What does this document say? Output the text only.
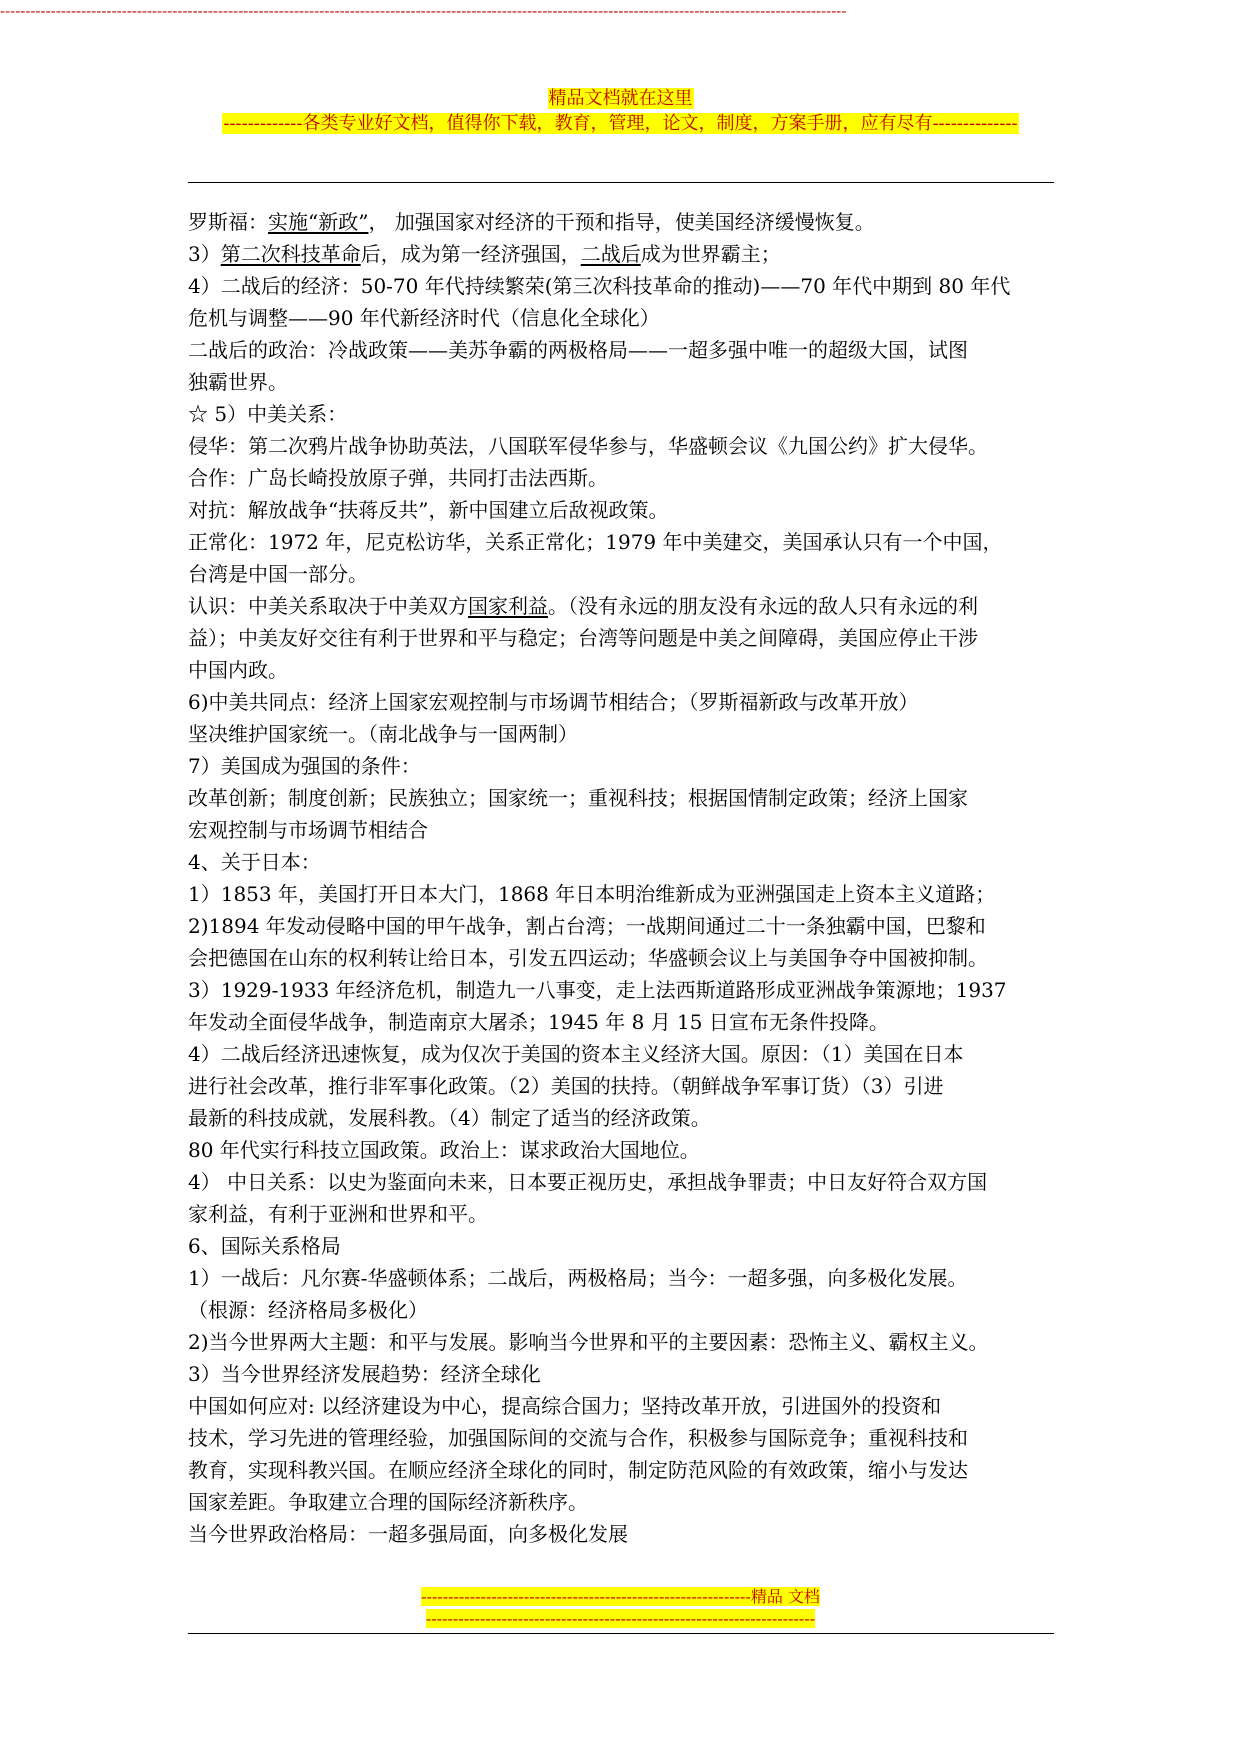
精品文档就在这里
-------------各类专业好文档，值得你下载，教育，管理，论文，制度，方案手册，应有尽有--------------
-----------------------------------------------------------------------------------------------------------------------------------------------------------------------
罗斯福：实施“新政”， 加强国家对经济的干预和指导，使美国经济缓慢恢复。
3）第二次科技革命后，成为第一经济强国，二战后成为世界霸主；
4）二战后的经济：50-70 年代持续繁荣(第三次科技革命的推动)——70 年代中期到 80 年代
危机与调整——90 年代新经济时代（信息化全球化）
二战后的政治：冷战政策——美苏争霸的两极格局——一超多强中唯一的超级大国，试图
独霸世界。
☆ 5）中美关系：
侵华：第二次鸦片战争协助英法，八国联军侵华参与，华盛顿会议《九国公约》扩大侵华。
合作：广岛长崎投放原子弹，共同打击法西斯。
对抗：解放战争“扶蒋反共”，新中国建立后敌视政策。
正常化：1972 年，尼克松访华，关系正常化；1979 年中美建交，美国承认只有一个中国，
台湾是中国一部分。
认识：中美关系取决于中美双方国家利益。（没有永远的朋友没有永远的敌人只有永远的利
益）；中美友好交往有利于世界和平与稳定；台湾等问题是中美之间障碍，美国应停止干涉
中国内政。
6)中美共同点：经济上国家宏观控制与市场调节相结合；（罗斯福新政与改革开放）
坚决维护国家统一。（南北战争与一国两制）
7）美国成为强国的条件：
改革创新；制度创新；民族独立；国家统一；重视科技；根据国情制定政策；经济上国家
宏观控制与市场调节相结合
4、关于日本：
1）1853 年，美国打开日本大门，1868 年日本明治维新成为亚洲强国走上资本主义道路；
2)1894 年发动侵略中国的甲午战争，割占台湾；一战期间通过二十一条独霸中国，巴黎和
会把德国在山东的权利转让给日本，引发五四运动；华盛顿会议上与美国争夺中国被抑制。
3）1929-1933 年经济危机，制造九一八事变，走上法西斯道路形成亚洲战争策源地；1937
年发动全面侵华战争，制造南京大屠杀；1945 年 8 月 15 日宣布无条件投降。
4）二战后经济迅速恢复，成为仅次于美国的资本主义经济大国。原因：（1）美国在日本
进行社会改革，推行非军事化政策。（2）美国的扶持。（朝鲜战争军事订货）（3）引进
最新的科技成就，发展科教。（4）制定了适当的经济政策。
80 年代实行科技立国政策。政治上：谋求政治大国地位。
4） 中日关系：以史为鉴面向未来，日本要正视历史，承担战争罪责；中日友好符合双方国
家利益，有利于亚洲和世界和平。
6、国际关系格局
1）一战后：凡尔赛-华盛顿体系；二战后，两极格局；当今：一超多强，向多极化发展。
（根源：经济格局多极化）
2)当今世界两大主题：和平与发展。影响当今世界和平的主要因素：恐怖主义、霸权主义。
3）当今世界经济发展趋势：经济全球化
中国如何应对: 以经济建设为中心，提高综合国力；坚持改革开放，引进国外的投资和
技术，学习先进的管理经验，加强国际间的交流与合作，积极参与国际竞争；重视科技和
教育，实现科教兴国。在顺应经济全球化的同时，制定防范风险的有效政策，缩小与发达
国家差距。争取建立合理的国际经济新秩序。
当今世界政治格局：一超多强局面，向多极化发展
-------------------------------------------------------------精品 文档
------------------------------------------------------------------------
